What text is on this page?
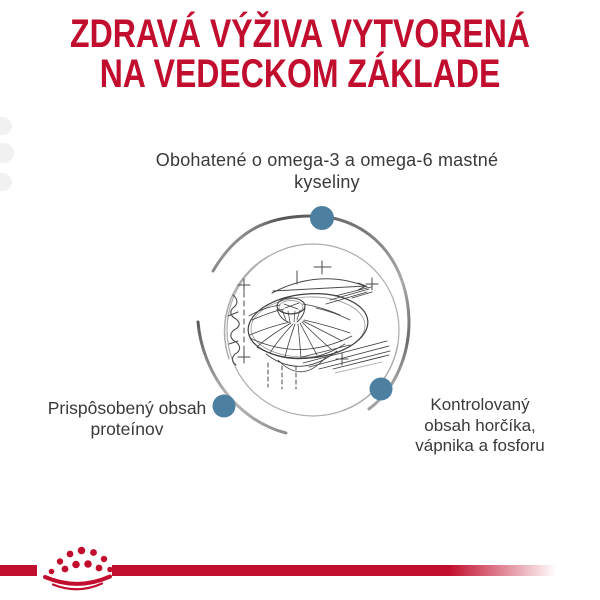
ZDRAVÁ VÝŽIVA VYTVORENÁ
NA VEDECKOM ZÁKLADE
Obohatené o omega-3 a omega-6 mastné
kyseliny
Prispôsobený obsah
proteínov
Kontrolovaný
obsah horčíka,
vápnika a fosforu
